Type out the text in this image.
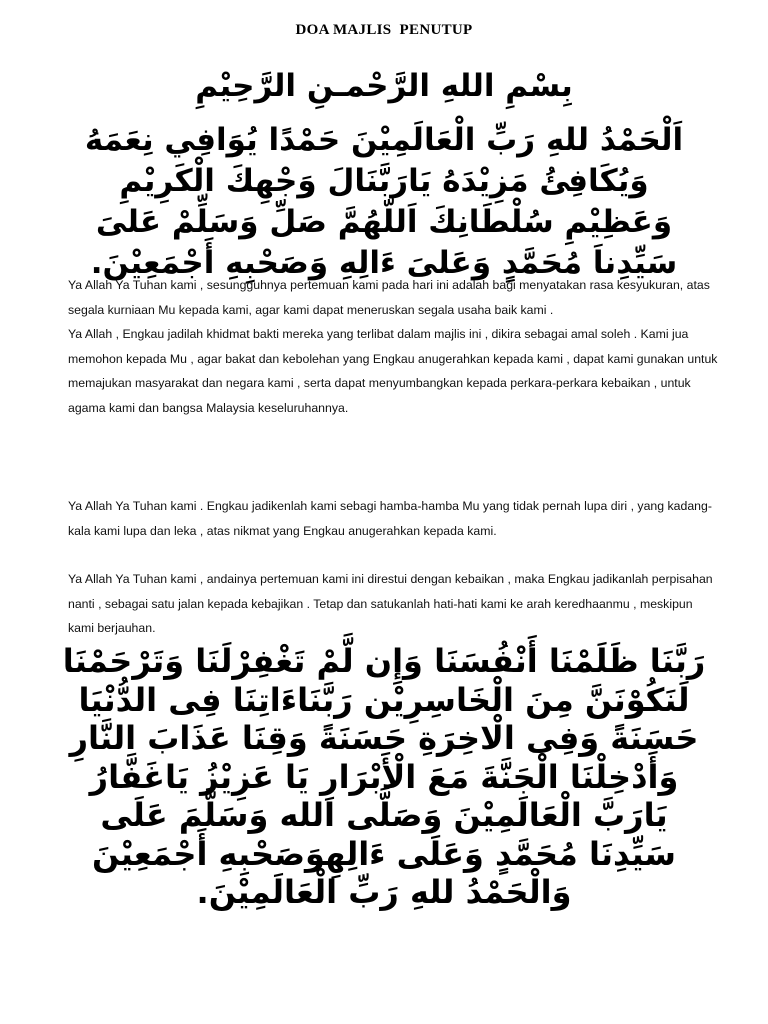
DOA MAJLIS  PENUTUP
بِسْمِ اللهِ الرَّحْمـنِ الرَّحِيْمِ
اَلْحَمْدُ للهِ رَبِّ الْعَالَمِيْنَ حَمْدًا يُوَافِي نِعَمَهُ
وَيُكَافِئُ مَزِيْدَهُ يَارَبَّنَالَ وَجْهِكَ الْكَرِيْمِ
وَعَظِيْمِ سُلْطَانِكَ اَللّهُمَّ صَلِّ وَسَلِّمْ عَلىَ
سَيِّدِناَ مُحَمَّدٍ وَعَلىَ ءَالِهِ وَصَحْبِهِ أَجْمَعِيْنَ.

Ya Allah Ya Tuhan kami , sesungguhnya pertemuan kami pada hari ini adalah bagi menyatakan rasa kesyukuran, atas segala kurniaan Mu kepada kami, agar kami dapat meneruskan segala usaha baik kami .
Ya Allah , Engkau jadilah khidmat bakti mereka yang terlibat dalam majlis ini , dikira sebagai amal soleh . Kami jua memohon kepada Mu , agar bakat dan kebolehan yang Engkau anugerahkan kepada kami , dapat kami gunakan untuk memajukan masyarakat dan negara kami , serta dapat menyumbangkan kepada perkara-perkara kebaikan , untuk agama kami dan bangsa Malaysia keseluruhannya.

Ya Allah Ya Tuhan kami . Engkau jadikenlah kami sebagi hamba-hamba Mu yang tidak pernah lupa diri , yang kadang-kala kami lupa dan leka , atas nikmat yang Engkau anugerahkan kepada kami.

Ya Allah Ya Tuhan kami , andainya pertemuan kami ini direstui dengan kebaikan , maka Engkau jadikanlah perpisahan nanti , sebagai satu jalan kepada kebajikan . Tetap dan satukanlah hati-hati kami ke arah keredhaanmu , meskipun kami berjauhan.

رَبَّنَا ظَلَمْنَا أَنْفُسَنَا وَإِن لَّمْ تَغْفِرْلَنَا وَتَرْحَمْنَا
لَنَكُوْنَنَّ مِنَ الْخَاسِرِيْن رَبَّنَاءَاتِنَا فِى الدُّنْيَا
حَسَنَةً وَفِى الْاخِرَةِ حَسَنَةً وَقِنَا عَذَابَ النَّارِ
وَأَدْخِلْنَا الْجَنَّةَ مَعَ الْأَبْرَارِ يَا عَزِيْزُ يَاغَفَّارُ
يَارَبَّ الْعَالَمِيْنَ وَصَلَّى الله وَسَلَّمَ عَلَى
سَيِّدِنَا مُحَمَّدٍ وَعَلَى ءَالِهِوَصَحْبِهِ أَجْمَعِيْنَ
وَالْحَمْدُ للهِ رَبِّ الْعَالَمِيْنَ.
